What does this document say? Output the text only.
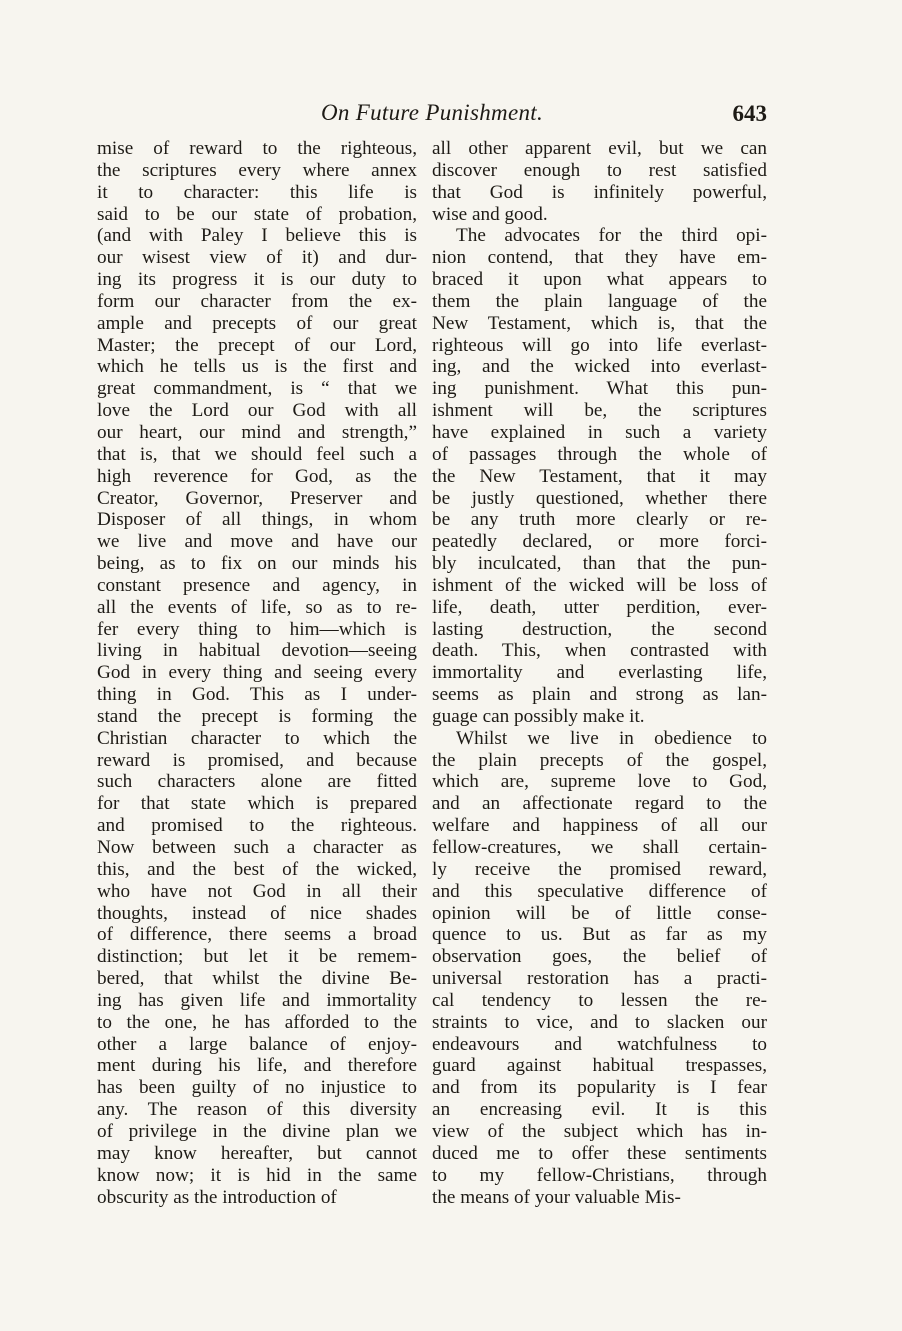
On Future Punishment.	643
mise of reward to the righteous,
the scriptures every where annex
it to character: this life is
said to be our state of probation,
(and with Paley I believe this is
our wisest view of it) and dur-
ing its progress it is our duty to
form our character from the ex-
ample and precepts of our great
Master; the precept of our Lord,
which he tells us is the first and
great commandment, is “ that we
love the Lord our God with all
our heart, our mind and strength,”
that is, that we should feel such a
high reverence for God, as the
Creator, Governor, Preserver and
Disposer of all things, in whom
we live and move and have our
being, as to fix on our minds his
constant presence and agency, in
all the events of life, so as to re-
fer every thing to him—which is
living in habitual devotion—seeing
God in every thing and seeing every
thing in God. This as I under-
stand the precept is forming the
Christian character to which the
reward is promised, and because
such characters alone are fitted
for that state which is prepared
and promised to the righteous.
Now between such a character as
this, and the best of the wicked,
who have not God in all their
thoughts, instead of nice shades
of difference, there seems a broad
distinction; but let it be remem-
bered, that whilst the divine Be-
ing has given life and immortality
to the one, he has afforded to the
other a large balance of enjoy-
ment during his life, and therefore
has been guilty of no injustice to
any. The reason of this diversity
of privilege in the divine plan we
may know hereafter, but cannot
know now; it is hid in the same
obscurity as the introduction of
all other apparent evil, but we can
discover enough to rest satisfied
that God is infinitely powerful,
wise and good.
The advocates for the third opi-
nion contend, that they have em-
braced it upon what appears to
them the plain language of the
New Testament, which is, that the
righteous will go into life everlast-
ing, and the wicked into everlast-
ing punishment. What this pun-
ishment will be, the scriptures
have explained in such a variety
of passages through the whole of
the New Testament, that it may
be justly questioned, whether there
be any truth more clearly or re-
peatedly declared, or more forci-
bly inculcated, than that the pun-
ishment of the wicked will be loss of
life, death, utter perdition, ever-
lasting destruction, the second
death. This, when contrasted with
immortality and everlasting life,
seems as plain and strong as lan-
guage can possibly make it.
Whilst we live in obedience to
the plain precepts of the gospel,
which are, supreme love to God,
and an affectionate regard to the
welfare and happiness of all our
fellow-creatures, we shall certain-
ly receive the promised reward,
and this speculative difference of
opinion will be of little conse-
quence to us. But as far as my
observation goes, the belief of
universal restoration has a practi-
cal tendency to lessen the re-
straints to vice, and to slacken our
endeavours and watchfulness to
guard against habitual trespasses,
and from its popularity is I fear
an encreasing evil. It is this
view of the subject which has in-
duced me to offer these sentiments
to my fellow-Christians, through
the means of your valuable Mis-
